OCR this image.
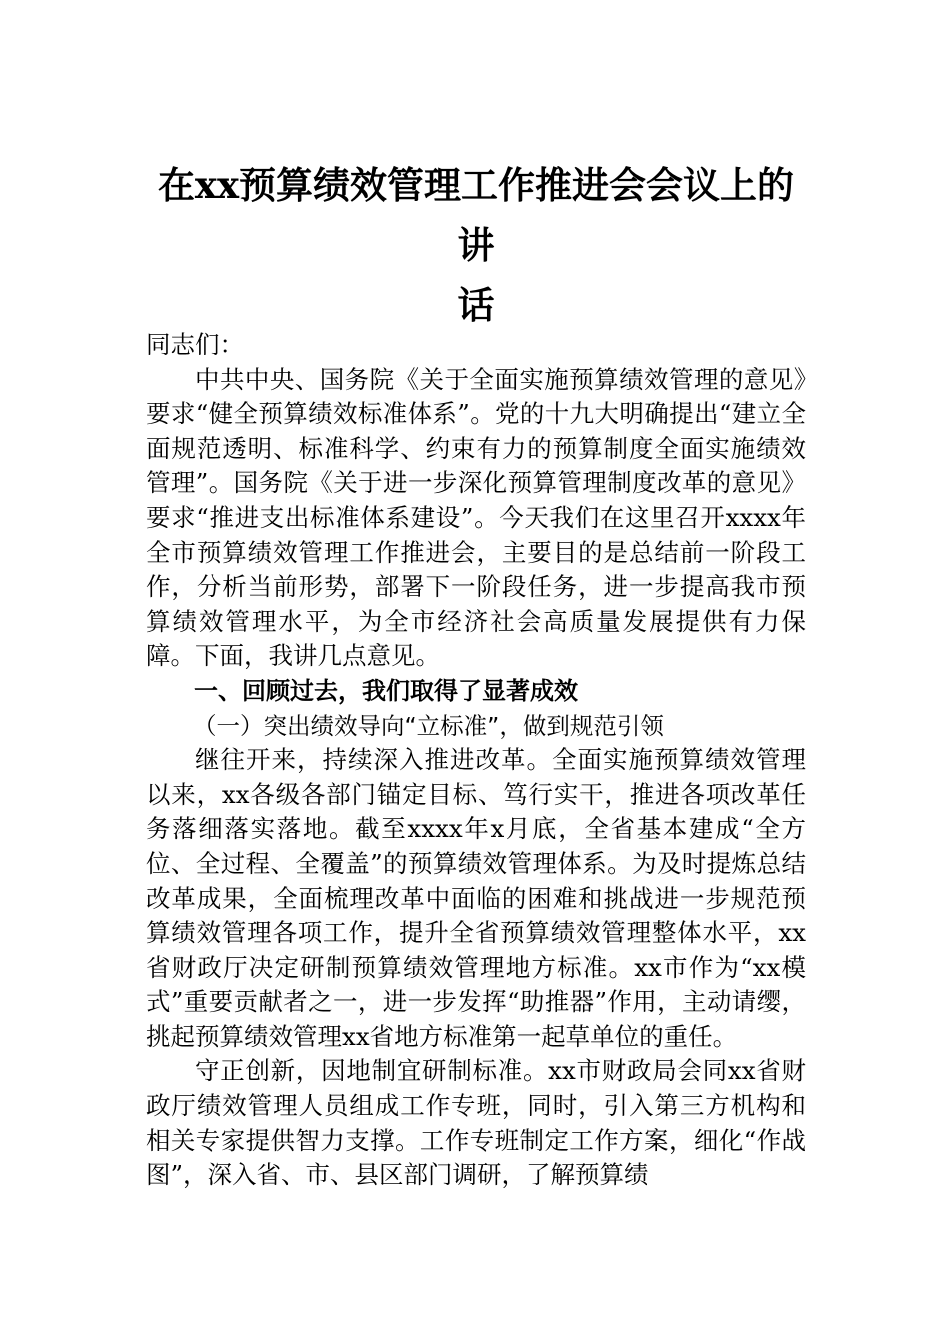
在xx预算绩效管理工作推进会会议上的讲
话

同志们：

中共中央、国务院《关于全面实施预算绩效管理的意见》要求“健全预算绩效标准体系”。党的十九大明确提出“建立全面规范透明、标准科学、约束有力的预算制度全面实施绩效管理”。国务院《关于进一步深化预算管理制度改革的意见》要求“推进支出标准体系建设”。今天我们在这里召开xxxx年全市预算绩效管理工作推进会，主要目的是总结前一阶段工作，分析当前形势，部署下一阶段任务，进一步提高我市预算绩效管理水平，为全市经济社会高质量发展提供有力保障。下面，我讲几点意见。

一、回顾过去，我们取得了显著成效

（一）突出绩效导向“立标准”，做到规范引领

继往开来，持续深入推进改革。全面实施预算绩效管理以来，xx各级各部门锚定目标、笃行实干，推进各项改革任务落细落实落地。截至xxxx年x月底，全省基本建成“全方位、全过程、全覆盖”的预算绩效管理体系。为及时提炼总结改革成果，全面梳理改革中面临的困难和挑战进一步规范预算绩效管理各项工作，提升全省预算绩效管理整体水平，xx省财政厅决定研制预算绩效管理地方标准。xx市作为“xx模式”重要贡献者之一，进一步发挥“助推器”作用，主动请缨，挑起预算绩效管理xx省地方标准第一起草单位的重任。

守正创新，因地制宜研制标准。xx市财政局会同xx省财政厅绩效管理人员组成工作专班，同时，引入第三方机构和相关专家提供智力支撑。工作专班制定工作方案，细化“作战图”，深入省、市、县区部门调研，了解预算绩
